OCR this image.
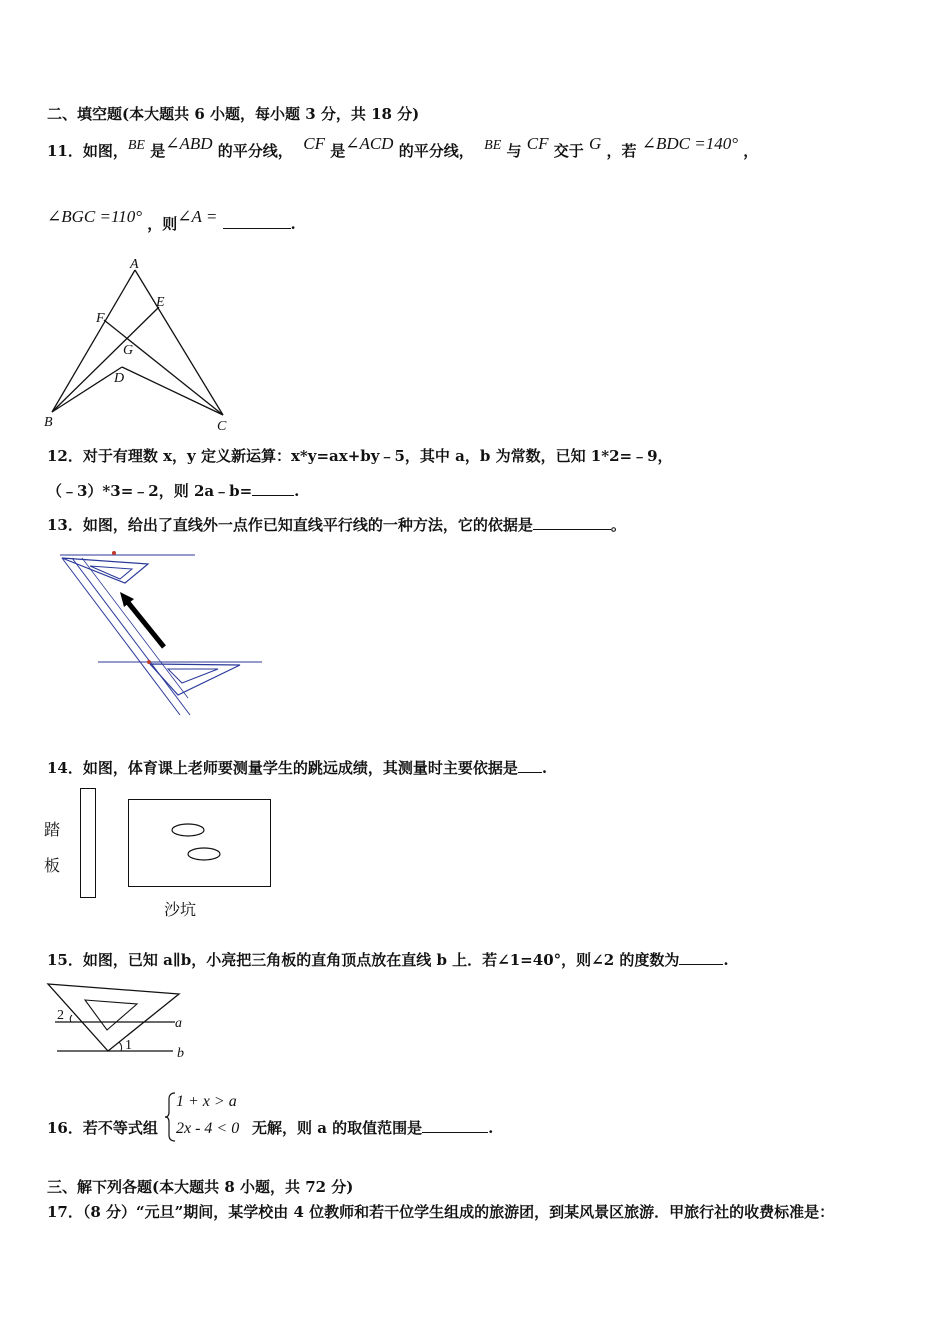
二、填空题(本大题共 6 小题，每小题 3 分，共 18 分)
11．如图，BE 是∠ABD 的平分线， CF 是∠ACD 的平分线， BE 与 CF 交于 G ，若 ∠BDC =140° ，
∠BGC =110° ，则∠A =	.
A
E
F
G
D
B	C
12．对于有理数 x，y 定义新运算：x*y=ax+by﹣5，其中 a，b 为常数，已知 1*2=﹣9，
（﹣3）*3=﹣2，则 2a﹣b=	.
13．如图，给出了直线外一点作已知直线平行线的一种方法，它的依据是	。
14．如图，体育课上老师要测量学生的跳远成绩，其测量时主要依据是 .
踏
板
沙坑
15．如图，已知 a∥b，小亮把三角板的直角顶点放在直线 b 上．若∠1=40°，则∠2 的度数为	.
2
1
a
b
16．若不等式组
1 + x > a
2x - 4 < 0 无解，则 a 的取值范围是	.
三、解下列各题(本大题共 8 小题，共 72 分)
17．（8 分）“元旦”期间，某学校由 4 位教师和若干位学生组成的旅游团，到某风景区旅游．甲旅行社的收费标准是：
